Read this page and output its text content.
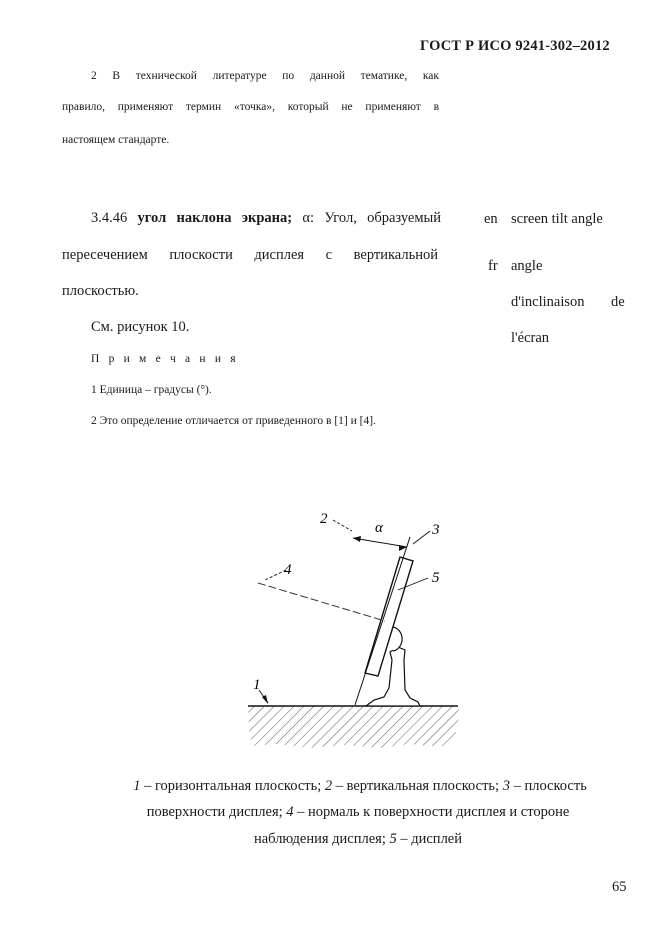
ГОСТ Р ИСО 9241-302–2012
2 В технической литературе по данной тематике, как
правило, применяют термин «точка», который не применяют в
настоящем стандарте.
3.4.46 угол наклона экрана; α: Угол, образуемый
пересечением плоскости дисплея с вертикальной
плоскостью.
См. рисунок 10.
П р и м е ч а н и я
1 Единица – градусы (°).
2 Это определение отличается от приведенного в [1] и [4].
en screen tilt angle
fr angle
d'inclinaison de
l'écran
2
α	3
4	5
1
1 – горизонтальная плоскость; 2 – вертикальная плоскость; 3 – плоскость
поверхности дисплея; 4 – нормаль к поверхности дисплея и стороне
наблюдения дисплея; 5 – дисплей
65
